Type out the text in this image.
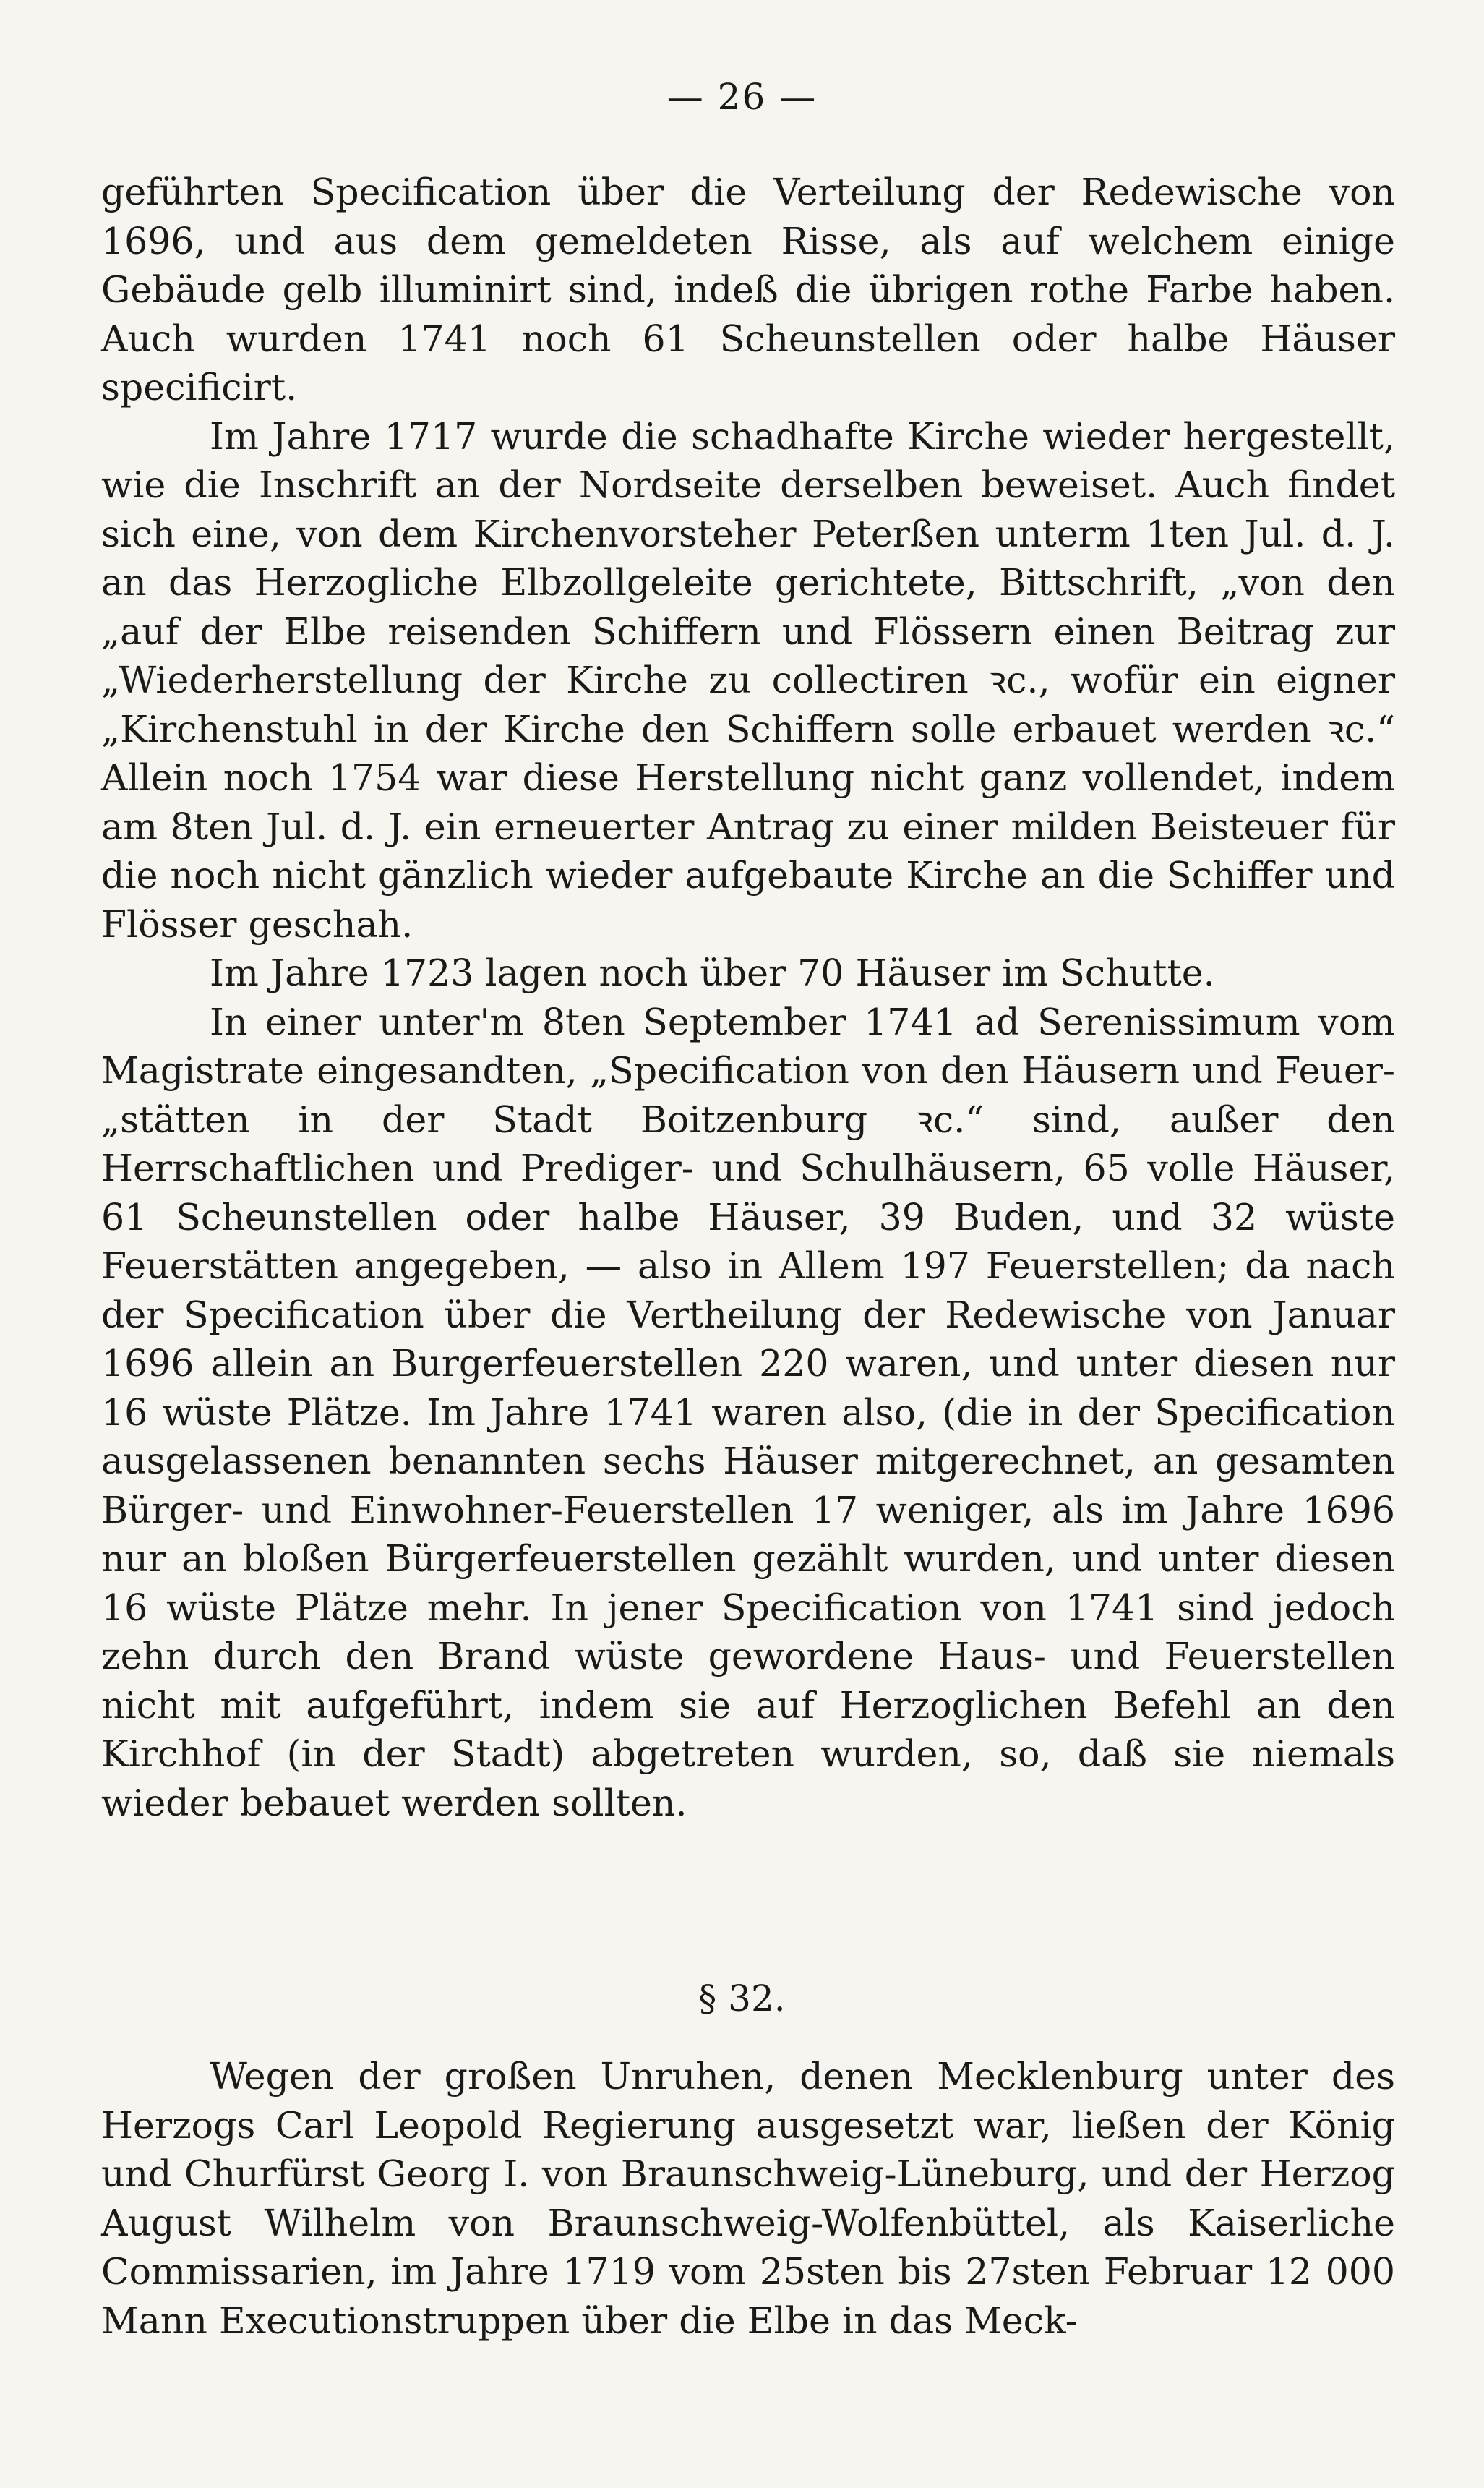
— 26 —

geführten Specification über die Verteilung der Redewische von 1696, und aus dem gemeldeten Risse, als auf welchem einige Gebäude gelb illuminirt sind, indeß die übrigen rothe Farbe haben. Auch wurden 1741 noch 61 Scheunstellen oder halbe Häuser specificirt.

Im Jahre 1717 wurde die schadhafte Kirche wieder hergestellt, wie die Inschrift an der Nordseite derselben beweiset. Auch findet sich eine, von dem Kirchenvorsteher Peterßen unterm 1ten Jul. d. J. an das Herzogliche Elbzollgeleite gerichtete, Bittschrift, „von den „auf der Elbe reisenden Schiffern und Flössern einen Beitrag zur „Wiederherstellung der Kirche zu collectiren ꝛc., wofür ein eigner „Kirchenstuhl in der Kirche den Schiffern solle erbauet werden ꝛc.“ Allein noch 1754 war diese Herstellung nicht ganz vollendet, indem am 8ten Jul. d. J. ein erneuerter Antrag zu einer milden Beisteuer für die noch nicht gänzlich wieder aufgebaute Kirche an die Schiffer und Flösser geschah.

Im Jahre 1723 lagen noch über 70 Häuser im Schutte.

In einer unter'm 8ten September 1741 ad Serenissimum vom Magistrate eingesandten, „Specification von den Häusern und Feuer- „stätten in der Stadt Boitzenburg ꝛc.“ sind, außer den Herrschaftlichen und Prediger- und Schulhäusern, 65 volle Häuser, 61 Scheunstellen oder halbe Häuser, 39 Buden, und 32 wüste Feuerstätten angegeben, — also in Allem 197 Feuerstellen; da nach der Specification über die Vertheilung der Redewische von Januar 1696 allein an Burgerfeuerstellen 220 waren, und unter diesen nur 16 wüste Plätze. Im Jahre 1741 waren also, (die in der Specification ausgelassenen benannten sechs Häuser mitgerechnet, an gesamten Bürger- und Einwohner-Feuerstellen 17 weniger, als im Jahre 1696 nur an bloßen Bürgerfeuerstellen gezählt wurden, und unter diesen 16 wüste Plätze mehr. In jener Specification von 1741 sind jedoch zehn durch den Brand wüste gewordene Haus- und Feuerstellen nicht mit aufgeführt, indem sie auf Herzoglichen Befehl an den Kirchhof (in der Stadt) abgetreten wurden, so, daß sie niemals wieder bebauet werden sollten.

§ 32.

Wegen der großen Unruhen, denen Mecklenburg unter des Herzogs Carl Leopold Regierung ausgesetzt war, ließen der König und Churfürst Georg I. von Braunschweig-Lüneburg, und der Herzog August Wilhelm von Braunschweig-Wolfenbüttel, als Kaiserliche Commissarien, im Jahre 1719 vom 25sten bis 27sten Februar 12 000 Mann Executionstruppen über die Elbe in das Meck-
